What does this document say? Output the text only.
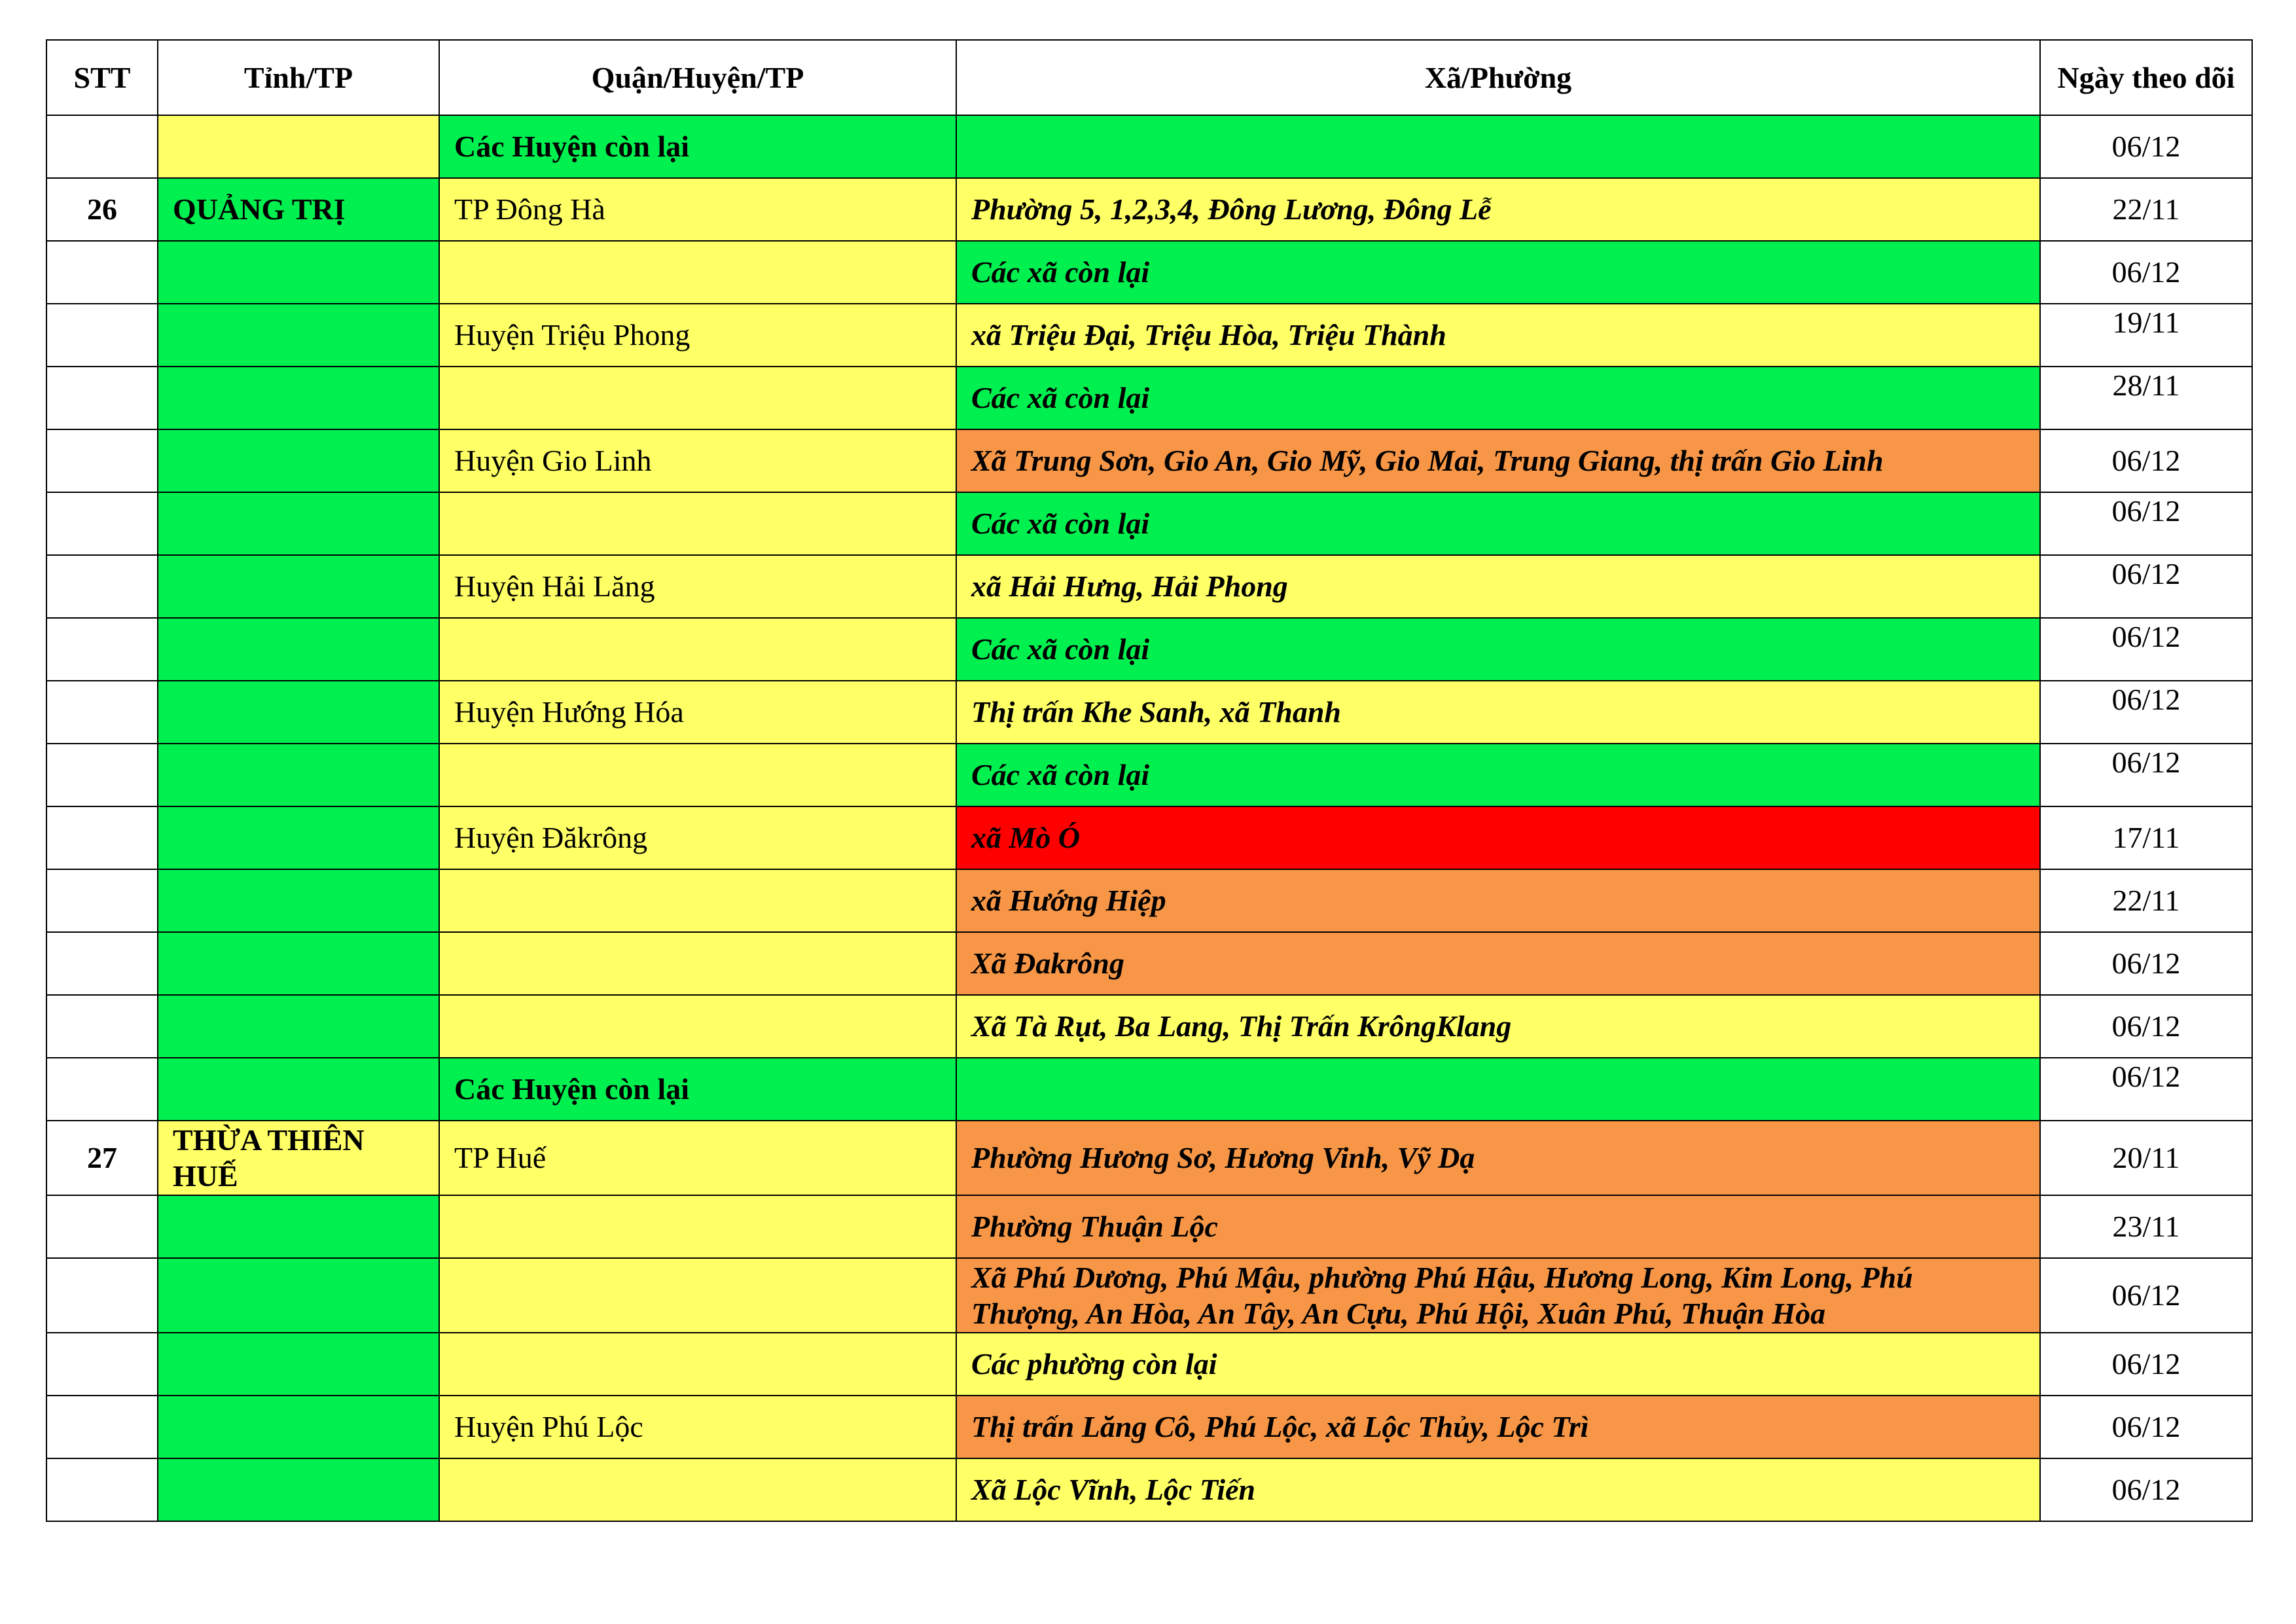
STT	Tỉnh/TP	Quận/Huyện/TP	Xã/Phường	Ngày theo dõi
		Các Huyện còn lại		06/12
26	QUẢNG TRỊ	TP Đông Hà	Phường 5, 1,2,3,4, Đông Lương, Đông Lễ	22/11
			Các xã còn lại	06/12
		Huyện Triệu Phong	xã Triệu Đại, Triệu Hòa, Triệu Thành	19/11
			Các xã còn lại	28/11
		Huyện Gio Linh	Xã Trung Sơn, Gio An, Gio Mỹ, Gio Mai, Trung Giang, thị trấn Gio Linh	06/12
			Các xã còn lại	06/12
		Huyện Hải Lăng	xã Hải Hưng, Hải Phong	06/12
			Các xã còn lại	06/12
		Huyện Hướng Hóa	Thị trấn Khe Sanh, xã Thanh	06/12
			Các xã còn lại	06/12
		Huyện Đăkrông	xã Mò Ó	17/11
			xã Hướng Hiệp	22/11
			Xã Đakrông	06/12
			Xã Tà Rụt, Ba Lang, Thị Trấn KrôngKlang	06/12
		Các Huyện còn lại		06/12
27	THỪA THIÊN HUẾ	TP Huế	Phường Hương Sơ, Hương Vinh, Vỹ Dạ	20/11
			Phường Thuận Lộc	23/11
			Xã Phú Dương, Phú Mậu, phường Phú Hậu, Hương Long, Kim Long, Phú Thượng, An Hòa, An Tây, An Cựu, Phú Hội, Xuân Phú, Thuận Hòa	06/12
			Các phường còn lại	06/12
		Huyện Phú Lộc	Thị trấn Lăng Cô, Phú Lộc, xã Lộc Thủy, Lộc Trì	06/12
			Xã Lộc Vĩnh, Lộc Tiến	06/12
